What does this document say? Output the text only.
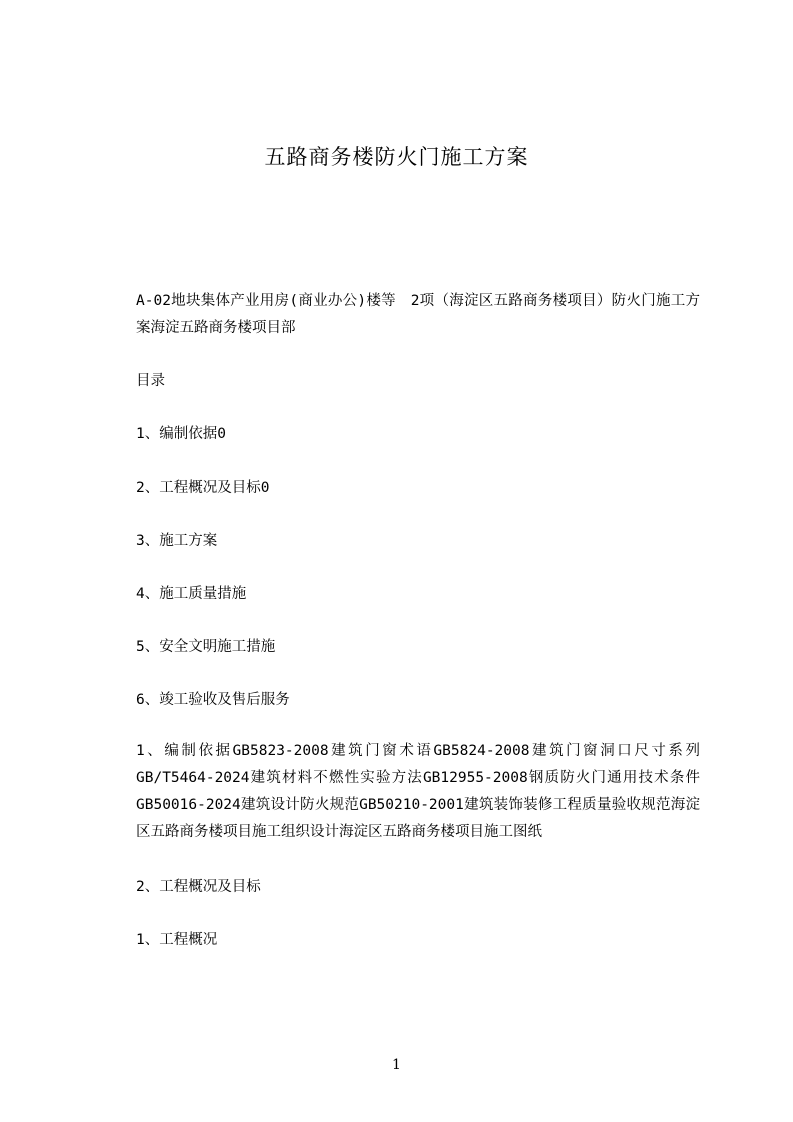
五路商务楼防火门施工方案
A-02地块集体产业用房(商业办公)楼等　2项（海淀区五路商务楼项目）防火门施工方案海淀五路商务楼项目部
目录
1、编制依据0
2、工程概况及目标0
3、施工方案
4、施工质量措施
5、安全文明施工措施
6、竣工验收及售后服务
1、编制依据GB5823-2008建筑门窗术语GB5824-2008建筑门窗洞口尺寸系列GB/T5464-2024建筑材料不燃性实验方法GB12955-2008钢质防火门通用技术条件GB50016-2024建筑设计防火规范GB50210-2001建筑装饰装修工程质量验收规范海淀区五路商务楼项目施工组织设计海淀区五路商务楼项目施工图纸
2、工程概况及目标
1、工程概况
1
